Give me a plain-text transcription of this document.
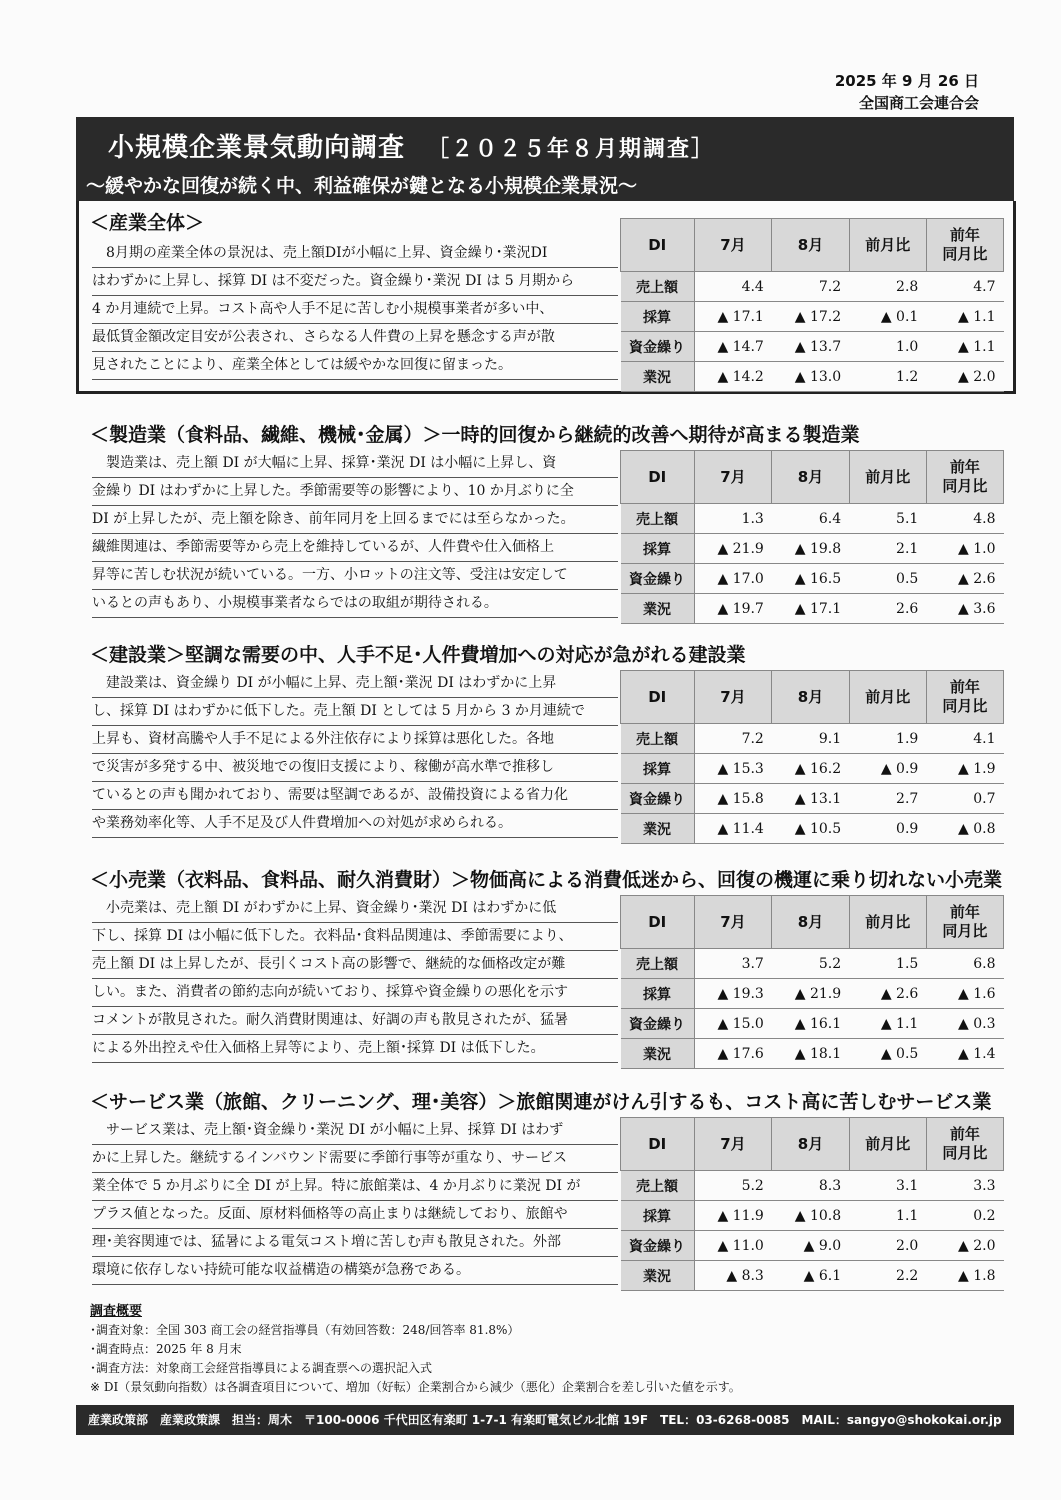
2025 年 9 月 26 日
全国商工会連合会
小規模企業景気動向調査 ［２０２５年８月期調査］
～緩やかな回復が続く中、利益確保が鍵となる小規模企業景況～
＜産業全体＞
　8月期の産業全体の景況は、売上額DIが小幅に上昇、資金繰り･業況DI
はわずかに上昇し、採算 DI は不変だった。資金繰り･業況 DI は 5 月期から
4 か月連続で上昇。コスト高や人手不足に苦しむ小規模事業者が多い中、
最低賃金額改定目安が公表され、さらなる人件費の上昇を懸念する声が散
見されたことにより、産業全体としては緩やかな回復に留まった。
DI	7月	8月	前月比	前年
同月比

売上額	4.4	7.2	2.8	4.7
採算	▲ 17.1	▲ 17.2	▲ 0.1	▲ 1.1
資金繰り	▲ 14.7	▲ 13.7	1.0	▲ 1.1
業況	▲ 14.2	▲ 13.0	1.2	▲ 2.0
＜製造業（食料品、繊維、機械･金属）＞一時的回復から継続的改善へ期待が高まる製造業
　製造業は、売上額 DI が大幅に上昇、採算･業況 DI は小幅に上昇し、資
金繰り DI はわずかに上昇した。季節需要等の影響により、10 か月ぶりに全
DI が上昇したが、売上額を除き、前年同月を上回るまでには至らなかった。
繊維関連は、季節需要等から売上を維持しているが、人件費や仕入価格上
昇等に苦しむ状況が続いている。一方、小ロットの注文等、受注は安定して
いるとの声もあり、小規模事業者ならではの取組が期待される。
DI	7月	8月	前月比	前年
同月比

売上額	1.3	6.4	5.1	4.8
採算	▲ 21.9	▲ 19.8	2.1	▲ 1.0
資金繰り	▲ 17.0	▲ 16.5	0.5	▲ 2.6
業況	▲ 19.7	▲ 17.1	2.6	▲ 3.6
＜建設業＞堅調な需要の中、人手不足･人件費増加への対応が急がれる建設業
　建設業は、資金繰り DI が小幅に上昇、売上額･業況 DI はわずかに上昇
し、採算 DI はわずかに低下した。売上額 DI としては 5 月から 3 か月連続で
上昇も、資材高騰や人手不足による外注依存により採算は悪化した。各地
で災害が多発する中、被災地での復旧支援により、稼働が高水準で推移し
ているとの声も聞かれており、需要は堅調であるが、設備投資による省力化
や業務効率化等、人手不足及び人件費増加への対処が求められる。
DI	7月	8月	前月比	前年
同月比

売上額	7.2	9.1	1.9	4.1
採算	▲ 15.3	▲ 16.2	▲ 0.9	▲ 1.9
資金繰り	▲ 15.8	▲ 13.1	2.7	0.7
業況	▲ 11.4	▲ 10.5	0.9	▲ 0.8
＜小売業（衣料品、食料品、耐久消費財）＞物価高による消費低迷から、回復の機運に乗り切れない小売業
　小売業は、売上額 DI がわずかに上昇、資金繰り･業況 DI はわずかに低
下し、採算 DI は小幅に低下した。衣料品･食料品関連は、季節需要により、
売上額 DI は上昇したが、長引くコスト高の影響で、継続的な価格改定が難
しい。また、消費者の節約志向が続いており、採算や資金繰りの悪化を示す
コメントが散見された。耐久消費財関連は、好調の声も散見されたが、猛暑
による外出控えや仕入価格上昇等により、売上額･採算 DI は低下した。
DI	7月	8月	前月比	前年
同月比

売上額	3.7	5.2	1.5	6.8
採算	▲ 19.3	▲ 21.9	▲ 2.6	▲ 1.6
資金繰り	▲ 15.0	▲ 16.1	▲ 1.1	▲ 0.3
業況	▲ 17.6	▲ 18.1	▲ 0.5	▲ 1.4
＜サービス業（旅館、クリーニング、理･美容）＞旅館関連がけん引するも、コスト高に苦しむサービス業
　サービス業は、売上額･資金繰り･業況 DI が小幅に上昇、採算 DI はわず
かに上昇した。継続するインバウンド需要に季節行事等が重なり、サービス
業全体で 5 か月ぶりに全 DI が上昇。特に旅館業は、4 か月ぶりに業況 DI が
プラス値となった。反面、原材料価格等の高止まりは継続しており、旅館や
理･美容関連では、猛暑による電気コスト増に苦しむ声も散見された。外部
環境に依存しない持続可能な収益構造の構築が急務である。
DI	7月	8月	前月比	前年
同月比

売上額	5.2	8.3	3.1	3.3
採算	▲ 11.9	▲ 10.8	1.1	0.2
資金繰り	▲ 11.0	▲ 9.0	2.0	▲ 2.0
業況	▲ 8.3	▲ 6.1	2.2	▲ 1.8
調査概要
･調査対象：全国 303 商工会の経営指導員（有効回答数：248/回答率 81.8%）
･調査時点：2025 年 8 月末
･調査方法：対象商工会経営指導員による調査票への選択記入式
※ DI（景気動向指数）は各調査項目について、増加（好転）企業割合から減少（悪化）企業割合を差し引いた値を示す。
産業政策部　産業政策課　担当：周木　〒100-0006 千代田区有楽町 1-7-1 有楽町電気ビル北館 19F　TEL：03-6268-0085　MAIL：sangyo@shokokai.or.jp
